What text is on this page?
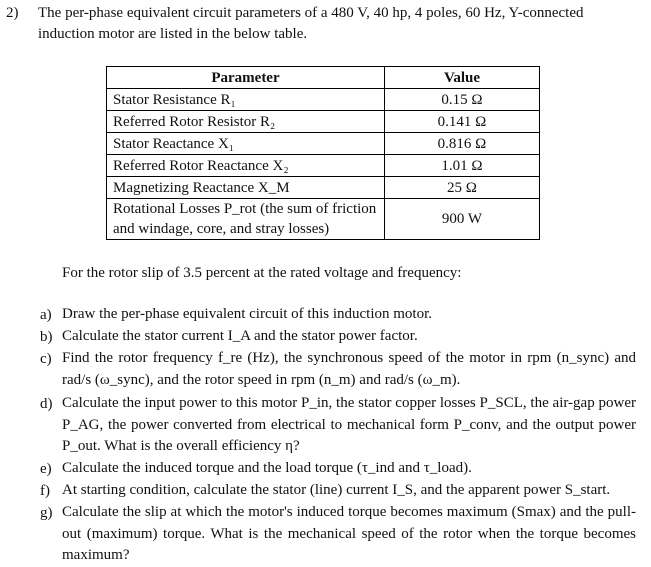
2) The per-phase equivalent circuit parameters of a 480 V, 40 hp, 4 poles, 60 Hz, Y-connected
induction motor are listed in the below table.
Parameter	Value
Stator Resistance R₁	0.15 Ω
Referred Rotor Resistor R₂	0.141 Ω
Stator Reactance X₁	0.816 Ω
Referred Rotor Reactance X₂	1.01 Ω
Magnetizing Reactance X_M	25 Ω
Rotational Losses P_rot (the sum of friction and windage, core, and stray losses)	900 W
For the rotor slip of 3.5 percent at the rated voltage and frequency:
a) Draw the per-phase equivalent circuit of this induction motor.
b) Calculate the stator current I_A and the stator power factor.
c) Find the rotor frequency f_re (Hz), the synchronous speed of the motor in rpm (n_sync) and rad/s (ω_sync), and the rotor speed in rpm (n_m) and rad/s (ω_m).
d) Calculate the input power to this motor P_in, the stator copper losses P_SCL, the air-gap power P_AG, the power converted from electrical to mechanical form P_conv, and the output power P_out. What is the overall efficiency η?
e) Calculate the induced torque and the load torque (τ_ind and τ_load).
f) At starting condition, calculate the stator (line) current I_S, and the apparent power S_start.
g) Calculate the slip at which the motor's induced torque becomes maximum (Smax) and the pull-out (maximum) torque. What is the mechanical speed of the rotor when the torque becomes maximum?
